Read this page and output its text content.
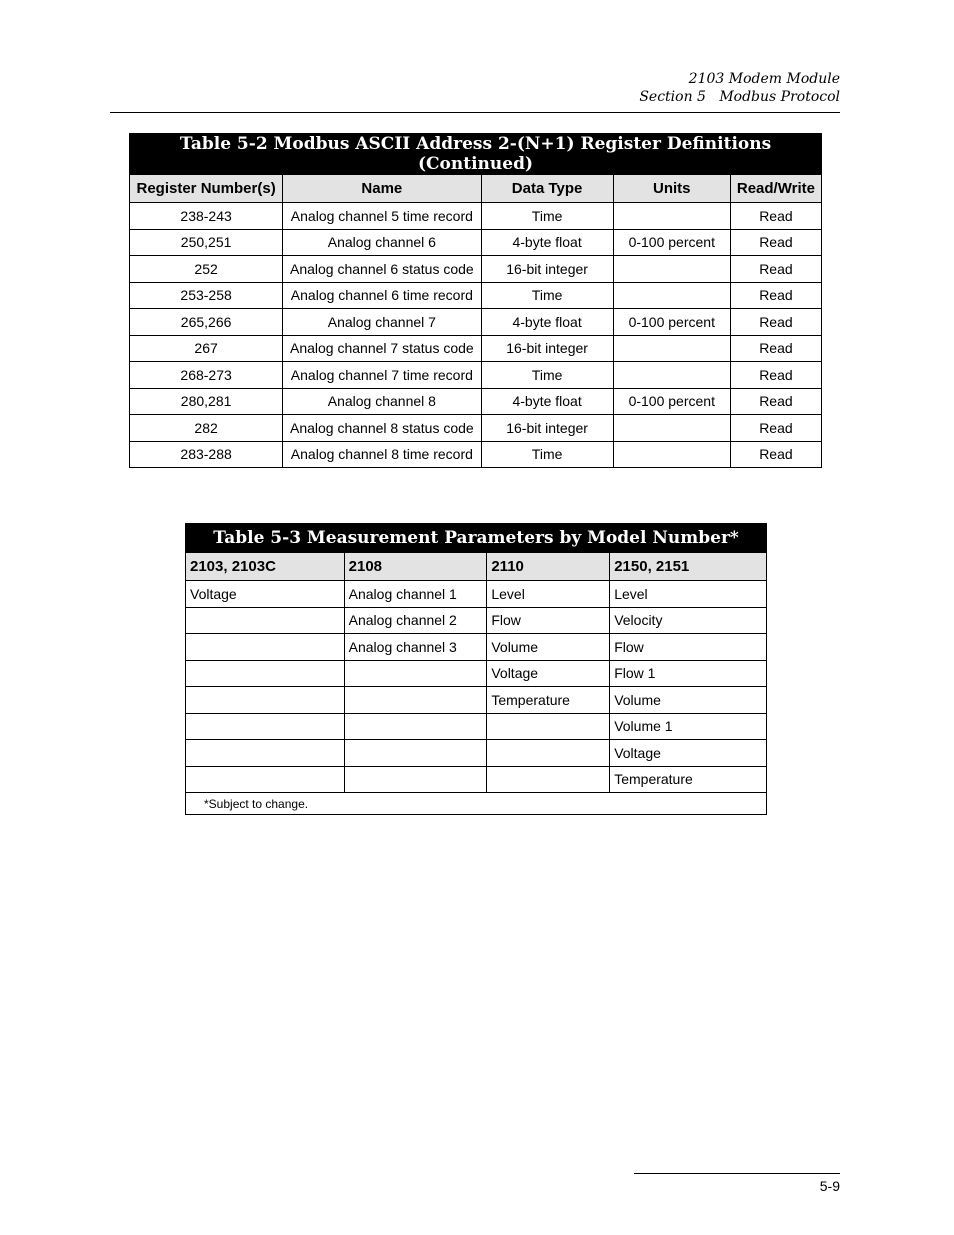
2103 Modem Module
Section 5   Modbus Protocol
Table 5-2 Modbus ASCII Address 2-(N+1) Register Definitions (Continued)				
Register Number(s)	Name	Data Type	Units	Read/Write
238-243	Analog channel 5 time record	Time		Read
250,251	Analog channel 6	4-byte float	0-100 percent	Read
252	Analog channel 6 status code	16-bit integer		Read
253-258	Analog channel 6 time record	Time		Read
265,266	Analog channel 7	4-byte float	0-100 percent	Read
267	Analog channel 7 status code	16-bit integer		Read
268-273	Analog channel 7 time record	Time		Read
280,281	Analog channel 8	4-byte float	0-100 percent	Read
282	Analog channel 8 status code	16-bit integer		Read
283-288	Analog channel 8 time record	Time		Read
Table 5-3 Measurement Parameters by Model Number*			
2103, 2103C	2108	2110	2150, 2151
Voltage	Analog channel 1	Level	Level
	Analog channel 2	Flow	Velocity
	Analog channel 3	Volume	Flow
		Voltage	Flow 1
		Temperature	Volume
			Volume 1
			Voltage
			Temperature
*Subject to change.			
5-9
